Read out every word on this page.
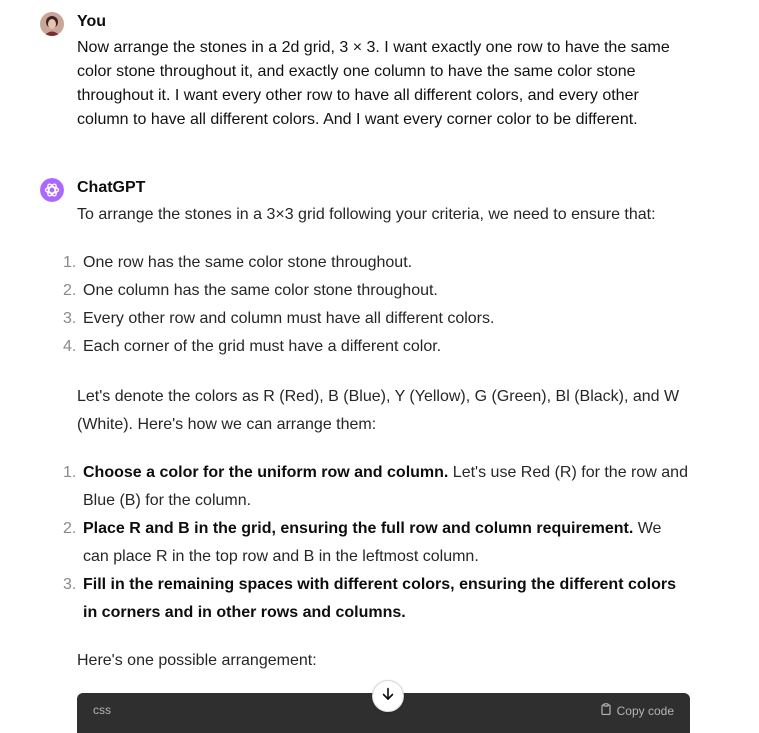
You

Now arrange the stones in a 2d grid, 3 × 3. I want exactly one row to have the same color stone throughout it, and exactly one column to have the same color stone throughout it. I want every other row to have all different colors, and every other column to have all different colors. And I want every corner color to be different.

ChatGPT

To arrange the stones in a 3×3 grid following your criteria, we need to ensure that:

1. One row has the same color stone throughout.
2. One column has the same color stone throughout.
3. Every other row and column must have all different colors.
4. Each corner of the grid must have a different color.

Let's denote the colors as R (Red), B (Blue), Y (Yellow), G (Green), Bl (Black), and W (White). Here's how we can arrange them:

1. Choose a color for the uniform row and column. Let's use Red (R) for the row and Blue (B) for the column.
2. Place R and B in the grid, ensuring the full row and column requirement. We can place R in the top row and B in the leftmost column.
3. Fill in the remaining spaces with different colors, ensuring the different colors in corners and in other rows and columns.

Here's one possible arrangement:

css	Copy code
